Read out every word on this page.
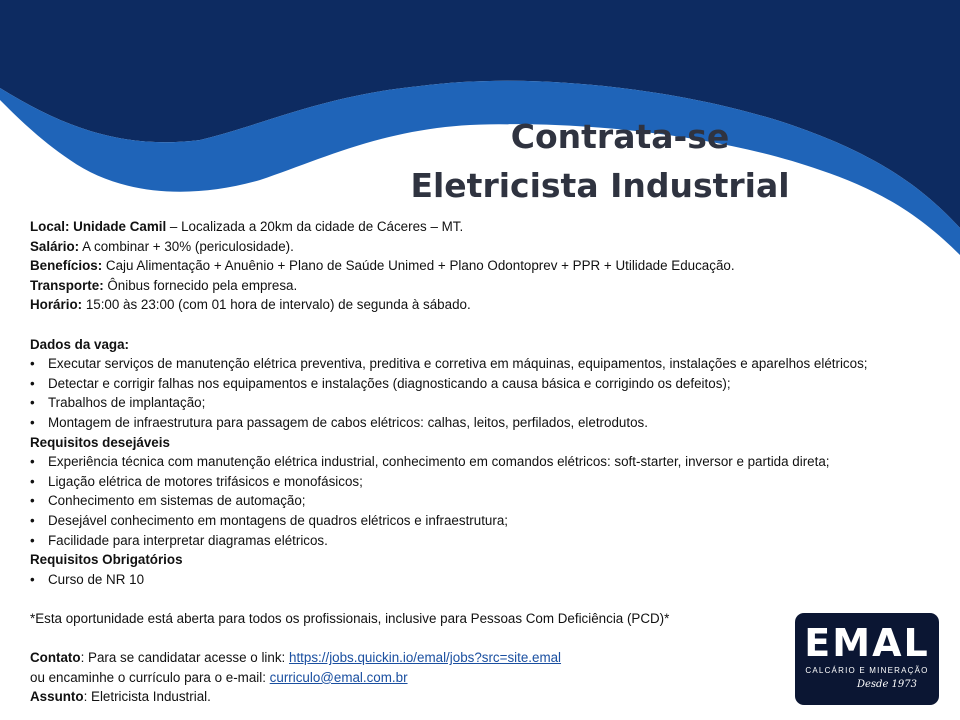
Contrata-se
Eletricista Industrial
Local: Unidade Camil – Localizada a 20km da cidade de Cáceres – MT.
Salário: A combinar + 30% (periculosidade).
Benefícios: Caju Alimentação + Anuênio + Plano de Saúde Unimed + Plano Odontoprev + PPR + Utilidade Educação.
Transporte: Ônibus fornecido pela empresa.
Horário: 15:00 às 23:00 (com 01 hora de intervalo) de segunda à sábado.
Dados da vaga:
• Executar serviços de manutenção elétrica preventiva, preditiva e corretiva em máquinas, equipamentos, instalações e aparelhos elétricos;
• Detectar e corrigir falhas nos equipamentos e instalações (diagnosticando a causa básica e corrigindo os defeitos);
• Trabalhos de implantação;
• Montagem de infraestrutura para passagem de cabos elétricos: calhas, leitos, perfilados, eletrodutos.
Requisitos desejáveis
• Experiência técnica com manutenção elétrica industrial, conhecimento em comandos elétricos: soft-starter, inversor e partida direta;
• Ligação elétrica de motores trifásicos e monofásicos;
• Conhecimento em sistemas de automação;
• Desejável conhecimento em montagens de quadros elétricos e infraestrutura;
• Facilidade para interpretar diagramas elétricos.
Requisitos Obrigatórios
• Curso de NR 10
*Esta oportunidade está aberta para todos os profissionais, inclusive para Pessoas Com Deficiência (PCD)*
Contato: Para se candidatar acesse o link: https://jobs.quickin.io/emal/jobs?src=site.emal
ou encaminhe o currículo para o e-mail: curriculo@emal.com.br
Assunto: Eletricista Industrial.
EMAL
CALCÁRIO E MINERAÇÃO
Desde 1973
